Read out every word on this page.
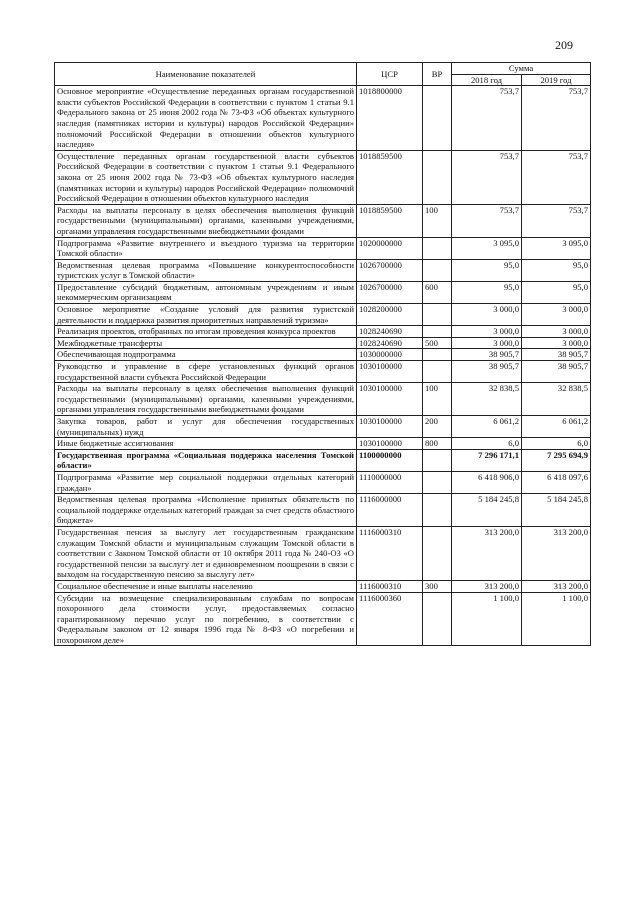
209
Наименование показателей	ЦСР	ВР	Сумма	
			2018 год	2019 год
Основное мероприятие «Осуществление переданных органам государственной власти субъектов Российской Федерации в соответствии с пунктом 1 статьи 9.1 Федерального закона от 25 июня 2002 года № 73-ФЗ «Об объектах культурного наследия (памятниках истории и культуры) народов Российской Федерации» полномочий Российской Федерации в отношении объектов культурного наследия»	1018800000		753,7	753,7
Осуществление переданных органам государственной власти субъектов Российской Федерации в соответствии с пунктом 1 статьи 9.1 Федерального закона от 25 июня 2002 года № 73-ФЗ «Об объектах культурного наследия (памятниках истории и культуры) народов Российской Федерации» полномочий Российской Федерации в отношении объектов культурного наследия	1018859500		753,7	753,7
Расходы на выплаты персоналу в целях обеспечения выполнения функций государственными (муниципальными) органами, казенными учреждениями, органами управления государственными внебюджетными фондами	1018859500	100	753,7	753,7
Подпрограмма «Развитие внутреннего и въездного туризма на территории Томской области»	1020000000		3 095,0	3 095,0
Ведомственная целевая программа «Повышение конкурентоспособности туристских услуг в Томской области»	1026700000		95,0	95,0
Предоставление субсидий бюджетным, автономным учреждениям и иным некоммерческим организациям	1026700000	600	95,0	95,0
Основное мероприятие «Создание условий для развития туристской деятельности и поддержка развития приоритетных направлений туризма»	1028200000		3 000,0	3 000,0
Реализация проектов, отобранных по итогам проведения конкурса проектов	1028240690		3 000,0	3 000,0
Межбюджетные трансферты	1028240690	500	3 000,0	3 000,0
Обеспечивающая подпрограмма	1030000000		38 905,7	38 905,7
Руководство и управление в сфере установленных функций органов государственной власти субъекта Российской Федерации	1030100000		38 905,7	38 905,7
Расходы на выплаты персоналу в целях обеспечения выполнения функций государственными (муниципальными) органами, казенными учреждениями, органами управления государственными внебюджетными фондами	1030100000	100	32 838,5	32 838,5
Закупка товаров, работ и услуг для обеспечения государственных (муниципальных) нужд	1030100000	200	6 061,2	6 061,2
Иные бюджетные ассигнования	1030100000	800	6,0	6,0
Государственная программа «Социальная поддержка населения Томской области»	1100000000		7 296 171,1	7 295 694,9
Подпрограмма «Развитие мер социальной поддержки отдельных категорий граждан»	1110000000		6 418 906,0	6 418 097,6
Ведомственная целевая программа «Исполнение принятых обязательств по социальной поддержке отдельных категорий граждан за счет средств областного бюджета»	1116000000		5 184 245,8	5 184 245,8
Государственная пенсия за выслугу лет государственным гражданским служащим Томской области и муниципальным служащим Томской области в соответствии с Законом Томской области от 10 октября 2011 года № 240-ОЗ «О государственной пенсии за выслугу лет и единовременном поощрении в связи с выходом на государственную пенсию за выслугу лет»	1116000310		313 200,0	313 200,0
Социальное обеспечение и иные выплаты населению	1116000310	300	313 200,0	313 200,0
Субсидии на возмещение специализированным службам по вопросам похоронного дела стоимости услуг, предоставляемых согласно гарантированному перечню услуг по погребению, в соответствии с Федеральным законом от 12 января 1996 года № 8-ФЗ «О погребении и похоронном деле»	1116000360		1 100,0	1 100,0
